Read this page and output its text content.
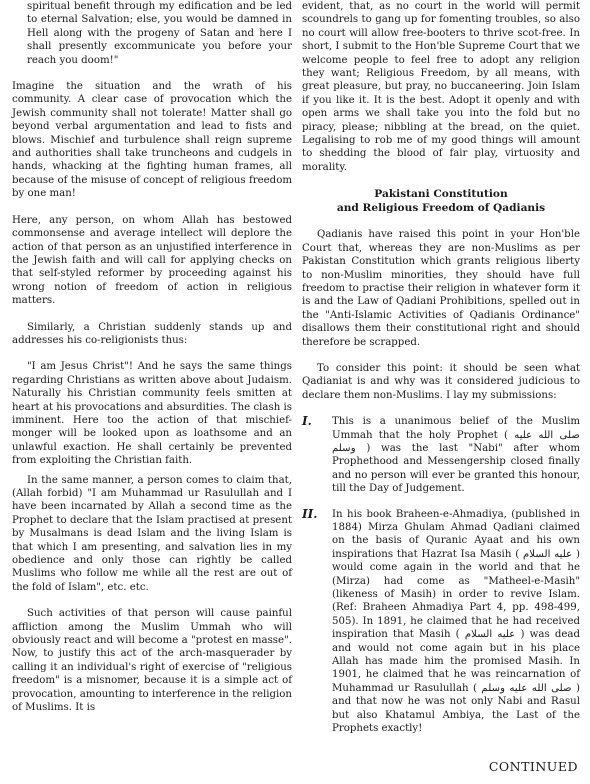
spiritual benefit through my edification and be led to eternal Salvation; else, you would be damned in Hell along with the progeny of Satan and here I shall presently excommunicate you before your reach you doom!"

Imagine the situation and the wrath of his community. A clear case of provocation which the Jewish community shall not tolerate! Matter shall go beyond verbal argumentation and lead to fists and blows. Mischief and turbulence shall reign supreme and authorities shall take truncheons and cudgels in hands, whacking at the fighting human frames, all because of the misuse of concept of religious freedom by one man!

Here, any person, on whom Allah has bestowed commonsense and average intellect will deplore the action of that person as an unjustified interference in the Jewish faith and will call for applying checks on that self-styled reformer by proceeding against his wrong notion of freedom of action in religious matters.

Similarly, a Christian suddenly stands up and addresses his co-religionists thus:

"I am Jesus Christ"! And he says the same things regarding Christians as written above about Judaism. Naturally his Christian community feels smitten at heart at his provocations and absurdities. The clash is imminent. Here too the action of that mischief-monger will be looked upon as loathsome and an unlawful exaction. He shall certainly be prevented from exploiting the Christian faith.

In the same manner, a person comes to claim that, (Allah forbid) "I am Muhammad ur Rasulullah and I have been incarnated by Allah a second time as the Prophet to declare that the Islam practised at present by Musalmans is dead Islam and the living Islam is that which I am presenting, and salvation lies in my obedience and only those can rightly be called Muslims who follow me while all the rest are out of the fold of Islam", etc. etc.

Such activities of that person will cause painful affliction among the Muslim Ummah who will obviously react and will become a "protest en masse". Now, to justify this act of the arch-masquerader by calling it an individual's right of exercise of "religious freedom" is a misnomer, because it is a simple act of provocation, amounting to interference in the religion of Muslims. It is

evident, that, as no court in the world will permit scoundrels to gang up for fomenting troubles, so also no court will allow free-booters to thrive scot-free. In short, I submit to the Hon'ble Supreme Court that we welcome people to feel free to adopt any religion they want; Religious Freedom, by all means, with great pleasure, but pray, no buccaneering. Join Islam if you like it. It is the best. Adopt it openly and with open arms we shall take you into the fold but no piracy, please; nibbling at the bread, on the quiet. Legalising to rob me of my good things will amount to shedding the blood of fair play, virtuosity and morality.

Pakistani Constitution
and Religious Freedom of Qadianis

Qadianis have raised this point in your Hon'ble Court that, whereas they are non-Muslims as per Pakistan Constitution which grants religious liberty to non-Muslim minorities, they should have full freedom to practise their religion in whatever form it is and the Law of Qadiani Prohibitions, spelled out in the "Anti-Islamic Activities of Qadianis Ordinance" disallows them their constitutional right and should therefore be scrapped.

To consider this point: it should be seen what Qadianiat is and why was it considered judicious to declare them non-Muslims. I lay my submissions:

I.	This is a unanimous belief of the Muslim Ummah that the holy Prophet ( صلى الله عليه وسلم ) was the last "Nabi" after whom Prophethood and Messengership closed finally and no person will ever be granted this honour, till the Day of Judgement.
II.	In his book Braheen-e-Ahmadiya, (published in 1884) Mirza Ghulam Ahmad Qadiani claimed on the basis of Quranic Ayaat and his own inspirations that Hazrat Isa Masih ( عليه السلام ) would come again in the world and that he (Mirza) had come as "Matheel-e-Masih" (likeness of Masih) in order to revive Islam. (Ref: Braheen Ahmadiya Part 4, pp. 498-499, 505). In 1891, he claimed that he had received inspiration that Masih ( عليه السلام ) was dead and would not come again but in his place Allah has made him the promised Masih. In 1901, he claimed that he was reincarnation of Muhammad ur Rasulullah ( صلى الله عليه وسلم ) and that now he was not only Nabi and Rasul but also Khatamul Ambiya, the Last of the Prophets exactly!
CONTINUED
